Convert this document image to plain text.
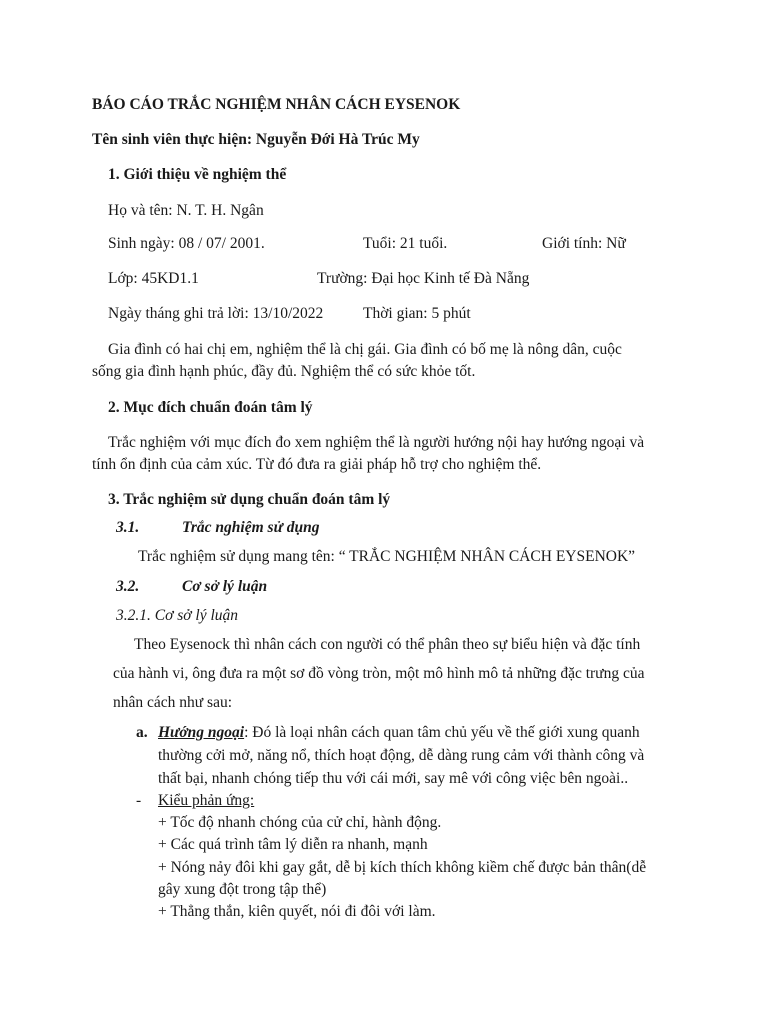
BÁO CÁO TRẮC NGHIỆM NHÂN CÁCH EYSENOK
Tên sinh viên thực hiện: Nguyễn Đới Hà Trúc My
1. Giới thiệu về nghiệm thể
Họ và tên: N. T. H. Ngân
Sinh ngày: 08 / 07/ 2001.	Tuổi: 21 tuổi.	Giới tính: Nữ
Lớp: 45KD1.1	Trường: Đại học Kinh tế Đà Nẵng
Ngày tháng ghi trả lời: 13/10/2022	Thời gian: 5 phút
Gia đình có hai chị em, nghiệm thể là chị gái. Gia đình có bố mẹ là nông dân, cuộc
sống gia đình hạnh phúc, đầy đủ. Nghiệm thể có sức khỏe tốt.
2. Mục đích chuẩn đoán tâm lý
Trắc nghiệm với mục đích đo xem nghiệm thể là người hướng nội hay hướng ngoại và
tính ổn định của cảm xúc. Từ đó đưa ra giải pháp hỗ trợ cho nghiệm thể.
3. Trắc nghiệm sử dụng chuẩn đoán tâm lý
3.1.	Trắc nghiệm sử dụng
Trắc nghiệm sử dụng mang tên: “ TRẮC NGHIỆM NHÂN CÁCH EYSENOK”
3.2.	Cơ sở lý luận
3.2.1. Cơ sở lý luận
Theo Eysenock thì nhân cách con người có thể phân theo sự biểu hiện và đặc tính
của hành vi, ông đưa ra một sơ đồ vòng tròn, một mô hình mô tả những đặc trưng của
nhân cách như sau:
a. Hướng ngoại: Đó là loại nhân cách quan tâm chủ yếu về thế giới xung quanh
thường cởi mở, năng nổ, thích hoạt động, dễ dàng rung cảm với thành công và
thất bại, nhanh chóng tiếp thu với cái mới, say mê với công việc bên ngoài..
- Kiểu phản ứng:
+ Tốc độ nhanh chóng của cử chỉ, hành động.
+ Các quá trình tâm lý diễn ra nhanh, mạnh
+ Nóng nảy đôi khi gay gắt, dễ bị kích thích không kiềm chế được bản thân(dễ
gây xung đột trong tập thể)
+ Thẳng thắn, kiên quyết, nói đi đôi với làm.
